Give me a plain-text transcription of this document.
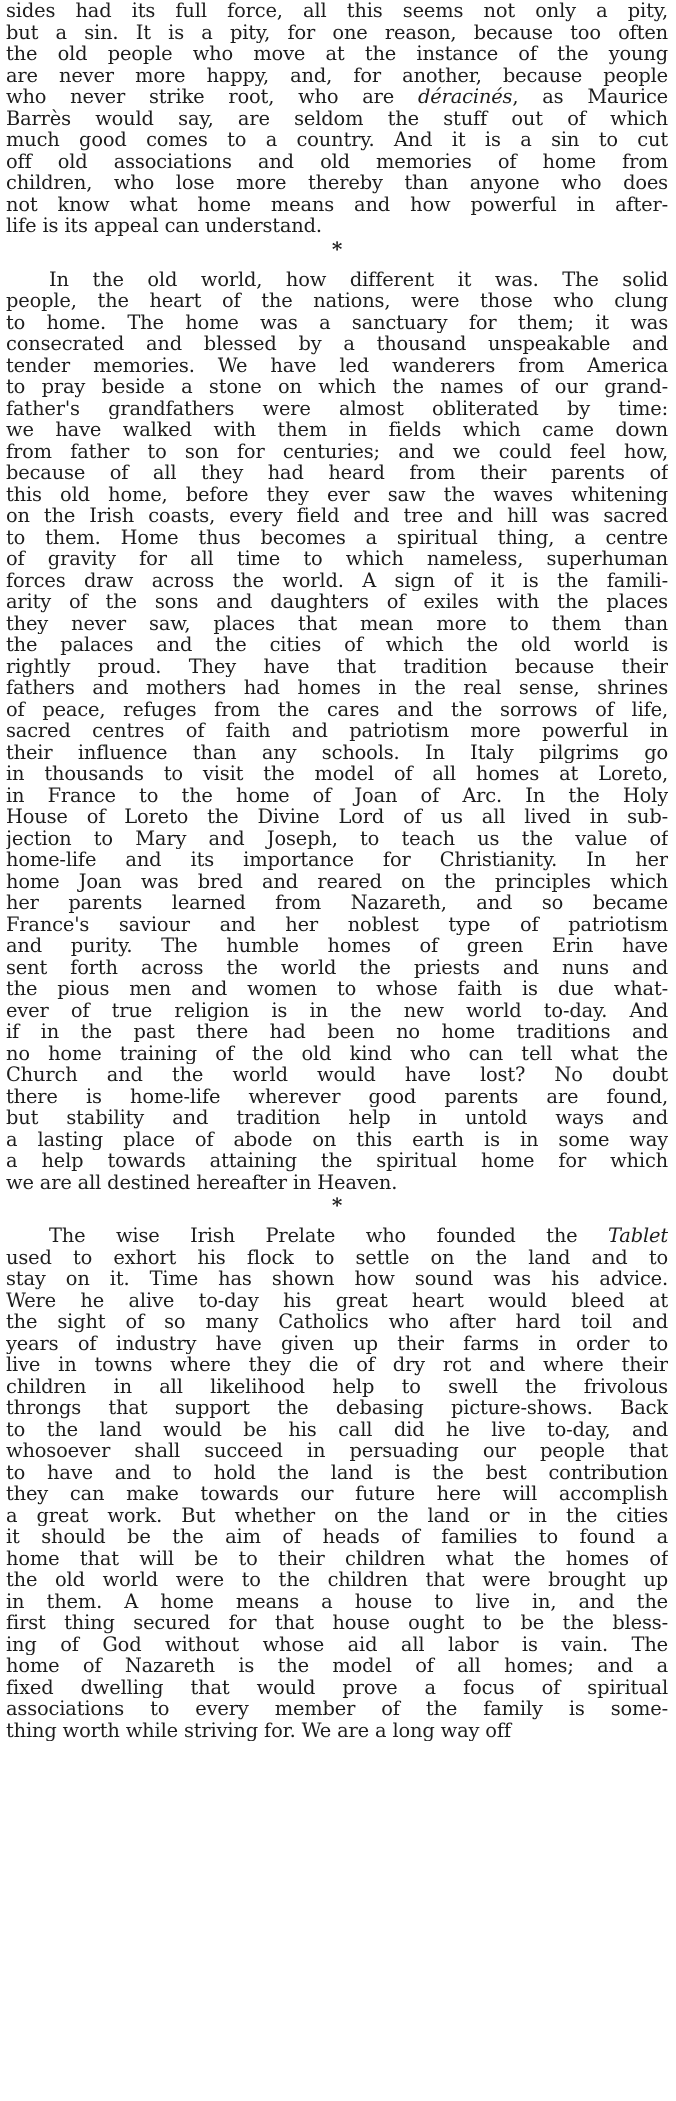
sides had its full force, all this seems not only a pity,
but a sin. It is a pity, for one reason, because too often
the old people who move at the instance of the young
are never more happy, and, for another, because people
who never strike root, who are déracinés, as Maurice
Barrès would say, are seldom the stuff out of which
much good comes to a country. And it is a sin to cut
off old associations and old memories of home from
children, who lose more thereby than anyone who does
not know what home means and how powerful in after-
life is its appeal can understand.
*
In the old world, how different it was. The solid
people, the heart of the nations, were those who clung
to home. The home was a sanctuary for them; it was
consecrated and blessed by a thousand unspeakable and
tender memories. We have led wanderers from America
to pray beside a stone on which the names of our grand-
father's grandfathers were almost obliterated by time:
we have walked with them in fields which came down
from father to son for centuries; and we could feel how,
because of all they had heard from their parents of
this old home, before they ever saw the waves whitening
on the Irish coasts, every field and tree and hill was sacred
to them. Home thus becomes a spiritual thing, a centre
of gravity for all time to which nameless, superhuman
forces draw across the world. A sign of it is the famili-
arity of the sons and daughters of exiles with the places
they never saw, places that mean more to them than
the palaces and the cities of which the old world is
rightly proud. They have that tradition because their
fathers and mothers had homes in the real sense, shrines
of peace, refuges from the cares and the sorrows of life,
sacred centres of faith and patriotism more powerful in
their influence than any schools. In Italy pilgrims go
in thousands to visit the model of all homes at Loreto,
in France to the home of Joan of Arc. In the Holy
House of Loreto the Divine Lord of us all lived in sub-
jection to Mary and Joseph, to teach us the value of
home-life and its importance for Christianity. In her
home Joan was bred and reared on the principles which
her parents learned from Nazareth, and so became
France's saviour and her noblest type of patriotism
and purity. The humble homes of green Erin have
sent forth across the world the priests and nuns and
the pious men and women to whose faith is due what-
ever of true religion is in the new world to-day. And
if in the past there had been no home traditions and
no home training of the old kind who can tell what the
Church and the world would have lost? No doubt
there is home-life wherever good parents are found,
but stability and tradition help in untold ways and
a lasting place of abode on this earth is in some way
a help towards attaining the spiritual home for which
we are all destined hereafter in Heaven.
*
The wise Irish Prelate who founded the Tablet
used to exhort his flock to settle on the land and to
stay on it. Time has shown how sound was his advice.
Were he alive to-day his great heart would bleed at
the sight of so many Catholics who after hard toil and
years of industry have given up their farms in order to
live in towns where they die of dry rot and where their
children in all likelihood help to swell the frivolous
throngs that support the debasing picture-shows. Back
to the land would be his call did he live to-day, and
whosoever shall succeed in persuading our people that
to have and to hold the land is the best contribution
they can make towards our future here will accomplish
a great work. But whether on the land or in the cities
it should be the aim of heads of families to found a
home that will be to their children what the homes of
the old world were to the children that were brought up
in them. A home means a house to live in, and the
first thing secured for that house ought to be the bless-
ing of God without whose aid all labor is vain. The
home of Nazareth is the model of all homes; and a
fixed dwelling that would prove a focus of spiritual
associations to every member of the family is some-
thing worth while striving for. We are a long way off
